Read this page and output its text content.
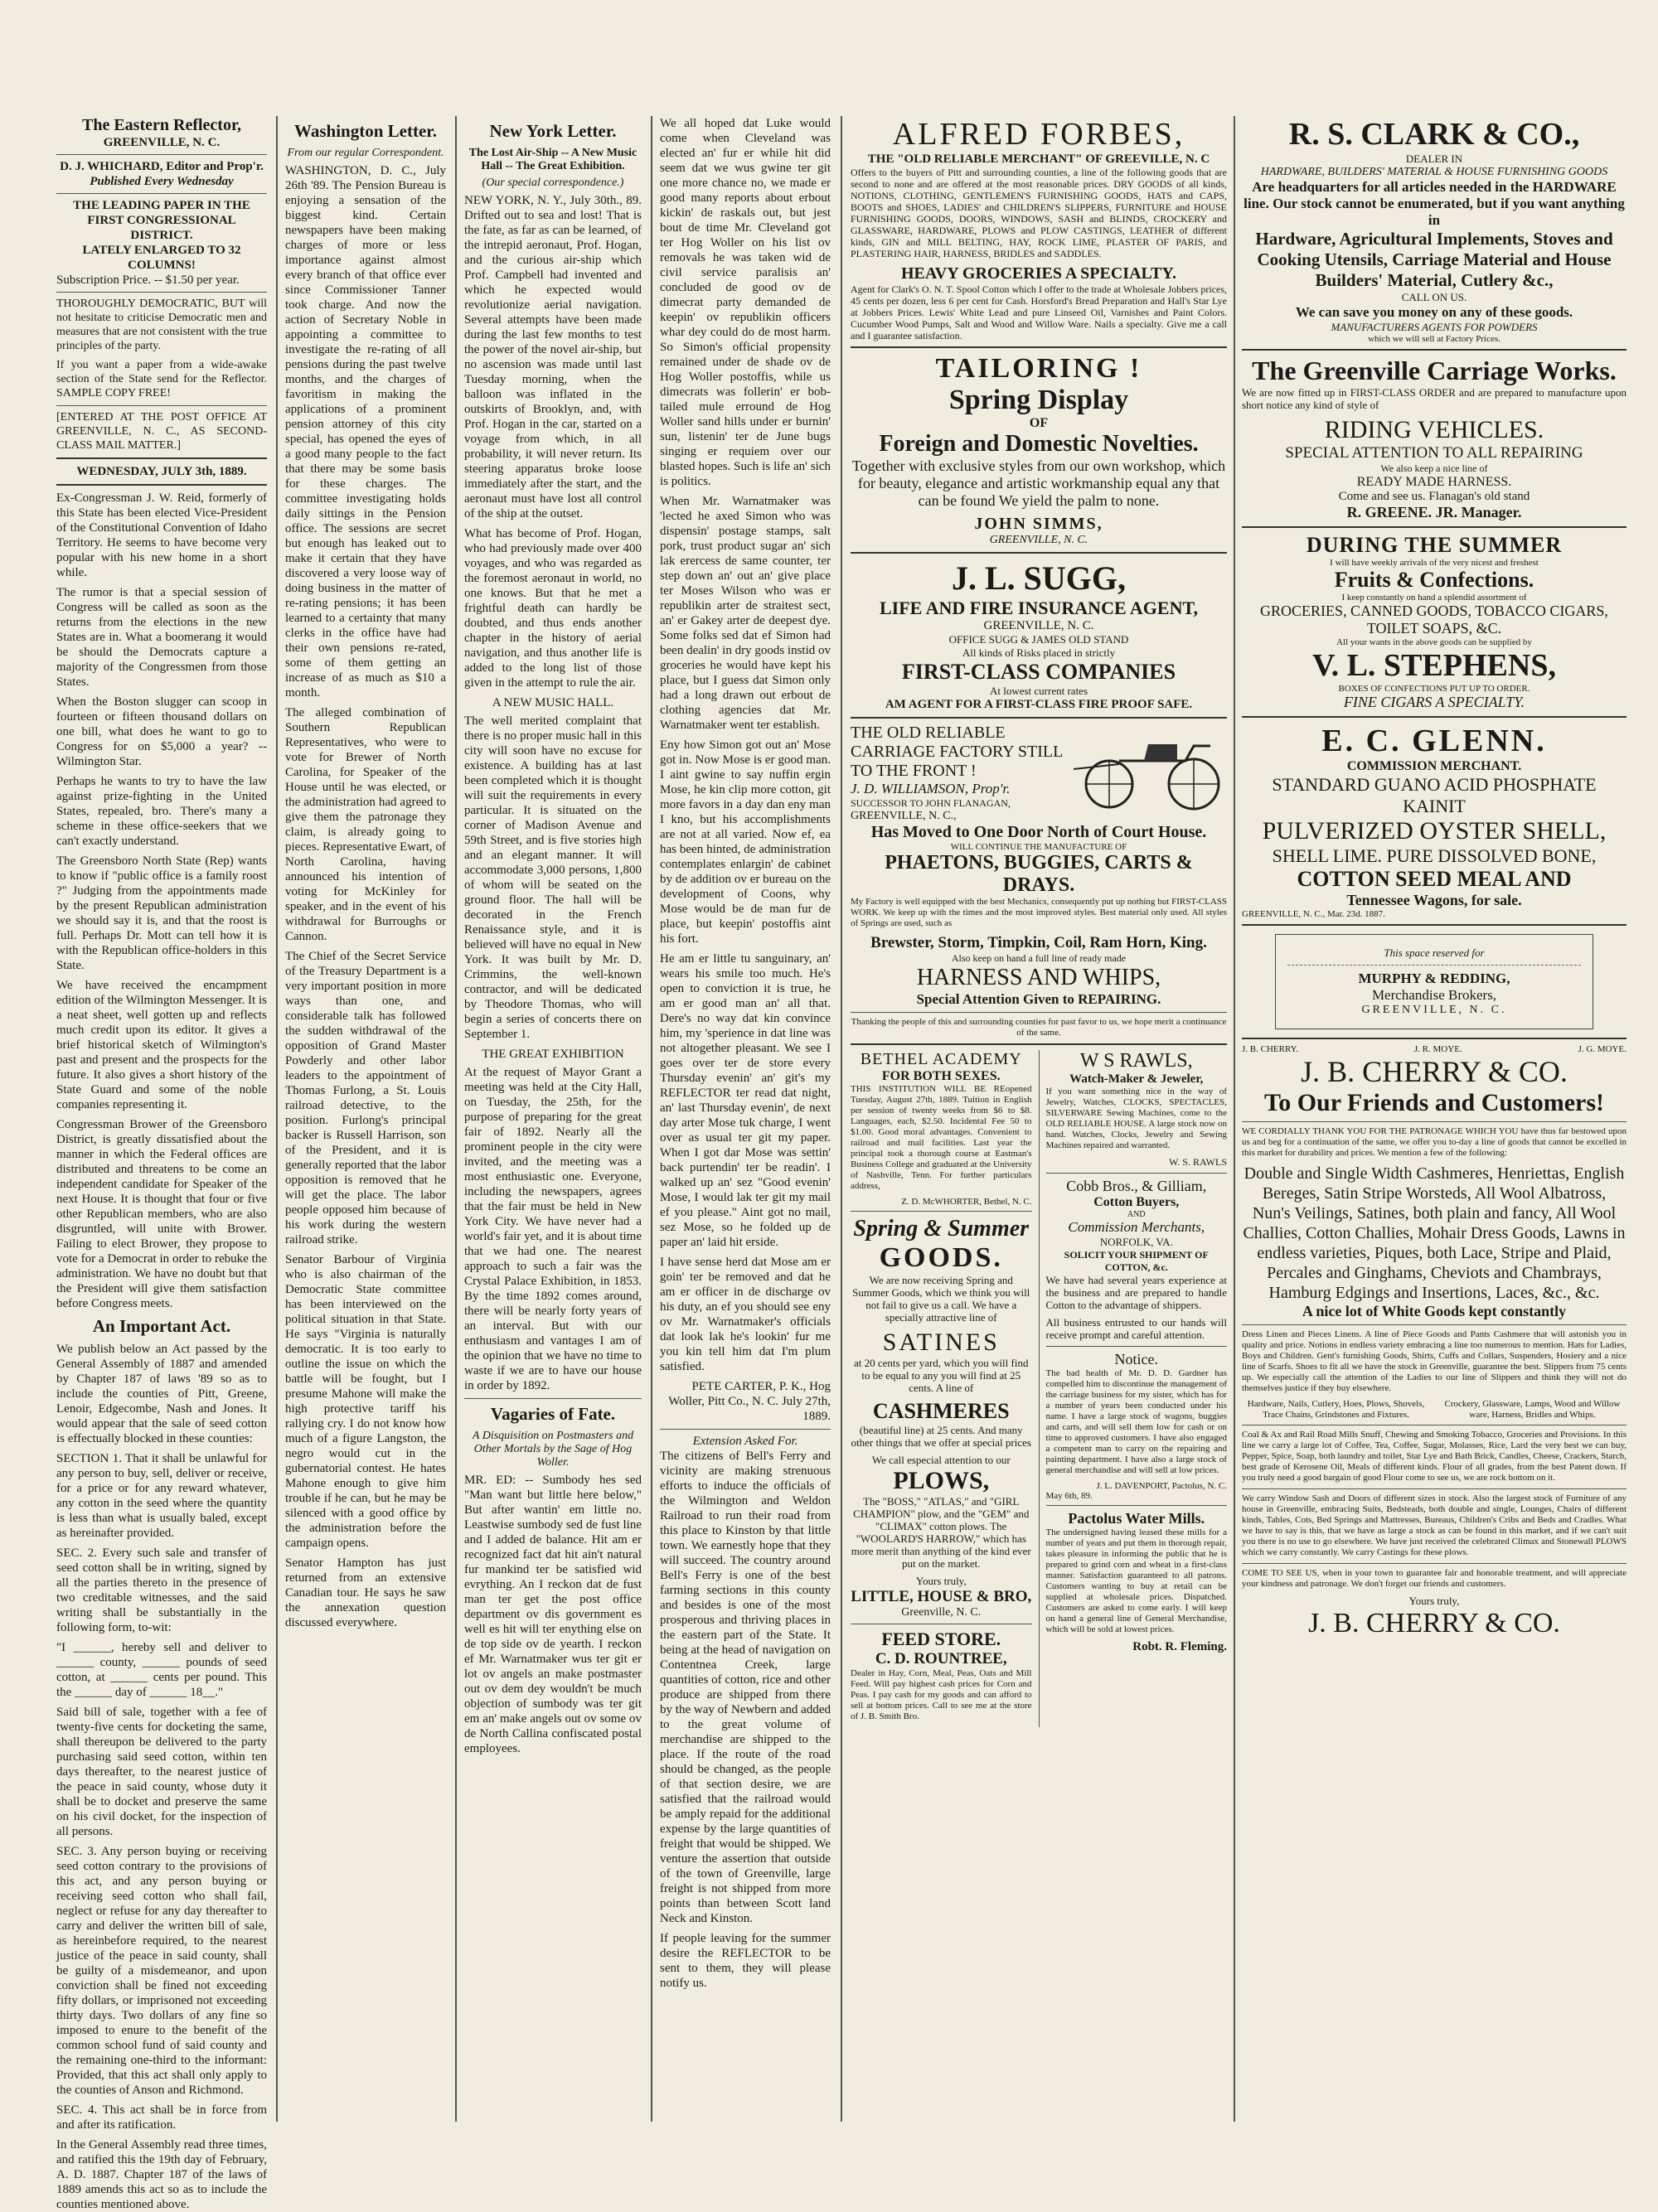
The Eastern Reflector,
GREENVILLE, N. C.
D. J. WHICHARD, Editor and Prop'r.
Published Every Wednesday
THE LEADING PAPER IN THE FIRST CONGRESSIONAL DISTRICT.
LATELY ENLARGED TO 32 COLUMNS!
Subscription Price. -- $1.50 per year.

THOROUGHLY DEMOCRATIC, BUT will not hesitate to criticise Democratic men and measures that are not consistent with the true principles of the party.

If you want a paper from a wide-awake section of the State send for the Reflector. SAMPLE COPY FREE!

[ENTERED AT THE POST OFFICE AT GREENVILLE, N. C., AS SECOND-CLASS MAIL MATTER.]

WEDNESDAY, JULY 3th, 1889.

Ex-Congressman J. W. Reid, formerly of this State has been elected Vice-President of the Constitutional Convention of Idaho Territory. He seems to have become very popular with his new home in a short while.

The rumor is that a special session of Congress will be called as soon as the returns from the elections in the new States are in. What a boomerang it would be should the Democrats capture a majority of the Congressmen from those States.

When the Boston slugger can scoop in fourteen or fifteen thousand dollars on one bill, what does he want to go to Congress for on $5,000 a year? -- Wilmington Star.

Perhaps he wants to try to have the law against prize-fighting in the United States, repealed, bro. There's many a scheme in these office-seekers that we can't exactly understand.

The Greensboro North State (Rep) wants to know if "public office is a family roost ?" Judging from the appointments made by the present Republican administration we should say it is, and that the roost is full. Perhaps Dr. Mott can tell how it is with the Republican office-holders in this State.

We have received the encampment edition of the Wilmington Messenger. It is a neat sheet, well gotten up and reflects much credit upon its editor. It gives a brief historical sketch of Wilmington's past and present and the prospects for the future. It also gives a short history of the State Guard and some of the noble companies representing it.

Congressman Brower of the Greensboro District, is greatly dissatisfied about the manner in which the Federal offices are distributed and threatens to be come an independent candidate for Speaker of the next House. It is thought that four or five other Republican members, who are also disgruntled, will unite with Brower. Failing to elect Brower, they propose to vote for a Democrat in order to rebuke the administration. We have no doubt but that the President will give them satisfaction before Congress meets.

An Important Act.

We publish below an Act passed by the General Assembly of 1887 and amended by Chapter 187 of laws '89 so as to include the counties of Pitt, Greene, Lenoir, Edgecombe, Nash and Jones. It would appear that the sale of seed cotton is effectually blocked in these counties:

SECTION 1. That it shall be unlawful for any person to buy, sell, deliver or receive, for a price or for any reward whatever, any cotton in the seed where the quantity is less than what is usually baled, except as hereinafter provided.

SEC. 2. Every such sale and transfer of seed cotton shall be in writing, signed by all the parties thereto in the presence of two creditable witnesses, and the said writing shall be substantially in the following form, to-wit:

"I ______, hereby sell and deliver to ______ county, ______ pounds of seed cotton, at ______ cents per pound. This the ______ day of ______ 18__."

Said bill of sale, together with a fee of twenty-five cents for docketing the same, shall thereupon be delivered to the party purchasing said seed cotton, within ten days thereafter, to the nearest justice of the peace in said county, whose duty it shall be to docket and preserve the same on his civil docket, for the inspection of all persons.

SEC. 3. Any person buying or receiving seed cotton contrary to the provisions of this act, and any person buying or receiving seed cotton who shall fail, neglect or refuse for any day thereafter to carry and deliver the written bill of sale, as hereinbefore required, to the nearest justice of the peace in said county, shall be guilty of a misdemeanor, and upon conviction shall be fined not exceeding fifty dollars, or imprisoned not exceeding thirty days. Two dollars of any fine so imposed to enure to the benefit of the common school fund of said county and the remaining one-third to the informant: Provided, that this act shall only apply to the counties of Anson and Richmond.

SEC. 4. This act shall be in force from and after its ratification.

In the General Assembly read three times, and ratified this the 19th day of February, A. D. 1887. Chapter 187 of the laws of 1889 amends this act so as to include the counties mentioned above.

Washington Letter.
From our regular Correspondent.

WASHINGTON, D. C., July 26th '89. The Pension Bureau is enjoying a sensation of the biggest kind. Certain newspapers have been making charges of more or less importance against almost every branch of that office ever since Commissioner Tanner took charge. And now the action of Secretary Noble in appointing a committee to investigate the re-rating of all pensions during the past twelve months, and the charges of favoritism in making the applications of a prominent pension attorney of this city special, has opened the eyes of a good many people to the fact that there may be some basis for these charges. The committee investigating holds daily sittings in the Pension office. The sessions are secret but enough has leaked out to make it certain that they have discovered a very loose way of doing business in the matter of re-rating pensions; it has been learned to a certainty that many clerks in the office have had their own pensions re-rated, some of them getting an increase of as much as $10 a month.

The alleged combination of Southern Republican Representatives, who were to vote for Brewer of North Carolina, for Speaker of the House until he was elected, or the administration had agreed to give them the patronage they claim, is already going to pieces. Representative Ewart, of North Carolina, having announced his intention of voting for McKinley for speaker, and in the event of his withdrawal for Burroughs or Cannon.

The Chief of the Secret Service of the Treasury Department is a very important position in more ways than one, and considerable talk has followed the sudden withdrawal of the opposition of Grand Master Powderly and other labor leaders to the appointment of Thomas Furlong, a St. Louis railroad detective, to the position. Furlong's principal backer is Russell Harrison, son of the President, and it is generally reported that the labor opposition is removed that he will get the place. The labor people opposed him because of his work during the western railroad strike.

Senator Barbour of Virginia who is also chairman of the Democratic State committee has been interviewed on the political situation in that State. He says "Virginia is naturally democratic. It is too early to outline the issue on which the battle will be fought, but I presume Mahone will make the high protective tariff his rallying cry. I do not know how much of a figure Langston, the negro would cut in the gubernatorial contest. He hates Mahone enough to give him trouble if he can, but he may be silenced with a good office by the administration before the campaign opens.

Senator Hampton has just returned from an extensive Canadian tour. He says he saw the annexation question discussed everywhere.

New York Letter.
The Lost Air-Ship -- A New Music Hall -- The Great Exhibition.
(Our special correspondence.)

NEW YORK, N. Y., July 30th., 89. Drifted out to sea and lost! That is the fate, as far as can be learned, of the intrepid aeronaut, Prof. Hogan, and the curious air-ship which Prof. Campbell had invented and which he expected would revolutionize aerial navigation. Several attempts have been made during the last few months to test the power of the novel air-ship, but no ascension was made until last Tuesday morning, when the balloon was inflated in the outskirts of Brooklyn, and, with Prof. Hogan in the car, started on a voyage from which, in all probability, it will never return. Its steering apparatus broke loose immediately after the start, and the aeronaut must have lost all control of the ship at the outset.

What has become of Prof. Hogan, who had previously made over 400 voyages, and who was regarded as the foremost aeronaut in world, no one knows. But that he met a frightful death can hardly be doubted, and thus ends another chapter in the history of aerial navigation, and thus another life is added to the long list of those given in the attempt to rule the air.

A NEW MUSIC HALL.

The well merited complaint that there is no proper music hall in this city will soon have no excuse for existence. A building has at last been completed which it is thought will suit the requirements in every particular. It is situated on the corner of Madison Avenue and 59th Street, and is five stories high and an elegant manner. It will accommodate 3,000 persons, 1,800 of whom will be seated on the ground floor. The hall will be decorated in the French Renaissance style, and it is believed will have no equal in New York. It was built by Mr. D. Crimmins, the well-known contractor, and will be dedicated by Theodore Thomas, who will begin a series of concerts there on September 1.

THE GREAT EXHIBITION

At the request of Mayor Grant a meeting was held at the City Hall, on Tuesday, the 25th, for the purpose of preparing for the great fair of 1892. Nearly all the prominent people in the city were invited, and the meeting was a most enthusiastic one. Everyone, including the newspapers, agrees that the fair must be held in New York City. We have never had a world's fair yet, and it is about time that we had one. The nearest approach to such a fair was the Crystal Palace Exhibition, in 1853. By the time 1892 comes around, there will be nearly forty years of an interval. But with our enthusiasm and vantages I am of the opinion that we have no time to waste if we are to have our house in order by 1892.

Vagaries of Fate.
A Disquisition on Postmasters and Other Mortals by the Sage of Hog Woller.

MR. ED: -- Sumbody hes sed "Man want but little here below," But after wantin' em little no. Leastwise sumbody sed de fust line and I added de balance. Hit am er recognized fact dat hit ain't natural fur mankind ter be satisfied wid evrything. An I reckon dat de fust man ter get the post office department ov dis government es well es hit will ter enything else on de top side ov de yearth. I reckon ef Mr. Warnatmaker wus ter git er lot ov angels an make postmaster out ov dem dey wouldn't be much objection of sumbody was ter git em an' make angels out ov some ov de North Callina confiscated postal employees.

We all hoped dat Luke would come when Cleveland was elected an' fur er while hit did seem dat we wus gwine ter git one more chance no, we made er good many reports about erbout kickin' de raskals out, but jest bout de time Mr. Cleveland got ter Hog Woller on his list ov removals he was taken wid de civil service paralisis an' concluded de good ov de dimecrat party demanded de keepin' ov republikin officers whar dey could do de most harm. So Simon's official propensity remained under de shade ov de Hog Woller postoffis, while us dimecrats was follerin' er bob-tailed mule erround de Hog Woller sand hills under er burnin' sun, listenin' ter de June bugs singing er requiem over our blasted hopes. Such is life an' sich is politics.

When Mr. Warnatmaker was 'lected he axed Simon who was dispensin' postage stamps, salt pork, trust product sugar an' sich lak erercess de same counter, ter step down an' out an' give place ter Moses Wilson who was er republikin arter de straitest sect, an' er Gakey arter de deepest dye. Some folks sed dat ef Simon had been dealin' in dry goods instid ov groceries he would have kept his place, but I guess dat Simon only had a long drawn out erbout de clothing agencies dat Mr. Warnatmaker went ter establish.

Eny how Simon got out an' Mose got in. Now Mose is er good man. I aint gwine to say nuffin ergin Mose, he kin clip more cotton, git more favors in a day dan eny man I kno, but his accomplishments are not at all varied. Now ef, ea has been hinted, de administration contemplates enlargin' de cabinet by de addition ov er bureau on the development of Coons, why Mose would be de man fur de place, but keepin' postoffis aint his fort.

He am er little tu sanguinary, an' wears his smile too much. He's open to conviction it is true, he am er good man an' all that. Dere's no way dat kin convince him, my 'sperience in dat line was not altogether pleasant. We see I goes over ter de store every Thursday evenin' an' git's my REFLECTOR ter read dat night, an' last Thursday evenin', de next day arter Mose tuk charge, I went over as usual ter git my paper. When I got dar Mose was settin' back purtendin' ter be readin'. I walked up an' sez "Good evenin' Mose, I would lak ter git my mail ef you please." Aint got no mail, sez Mose, so he folded up de paper an' laid hit erside.

I have sense herd dat Mose am er goin' ter be removed and dat he am er officer in de discharge ov his duty, an ef you should see eny ov Mr. Warnatmaker's officials dat look lak he's lookin' fur me you kin tell him dat I'm plum satisfied.

PETE CARTER, P. K., Hog Woller, Pitt Co., N. C. July 27th, 1889.

Extension Asked For.

The citizens of Bell's Ferry and vicinity are making strenuous efforts to induce the officials of the Wilmington and Weldon Railroad to run their road from this place to Kinston by that little town. We earnestly hope that they will succeed. The country around Bell's Ferry is one of the best farming sections in this county and besides is one of the most prosperous and thriving places in the eastern part of the State. It being at the head of navigation on Contentnea Creek, large quantities of cotton, rice and other produce are shipped from there by the way of Newbern and added to the great volume of merchandise are shipped to the place. If the route of the road should be changed, as the people of that section desire, we are satisfied that the railroad would be amply repaid for the additional expense by the large quantities of freight that would be shipped. We venture the assertion that outside of the town of Greenville, large freight is not shipped from more points than between Scott land Neck and Kinston.

If people leaving for the summer desire the REFLECTOR to be sent to them, they will please notify us.

ALFRED FORBES,
THE "OLD RELIABLE MERCHANT" OF GREEVILLE, N. C

Offers to the buyers of Pitt and surrounding counties, a line of the following goods that are second to none and are offered at the most reasonable prices. DRY GOODS of all kinds, NOTIONS, CLOTHING, GENTLEMEN'S FURNISHING GOODS, HATS and CAPS, BOOTS and SHOES, LADIES' and CHILDREN'S SLIPPERS, FURNITURE and HOUSE FURNISHING GOODS, DOORS, WINDOWS, SASH and BLINDS, CROCKERY and GLASSWARE, HARDWARE, PLOWS and PLOW CASTINGS, LEATHER of different kinds, GIN and MILL BELTING, HAY, ROCK LIME, PLASTER OF PARIS, and PLASTERING HAIR, HARNESS, BRIDLES and SADDLES.

HEAVY GROCERIES A SPECIALTY.

Agent for Clark's O. N. T. Spool Cotton which I offer to the trade at Wholesale Jobbers prices, 45 cents per dozen, less 6 per cent for Cash. Horsford's Bread Preparation and Hall's Star Lye at Jobbers Prices. Lewis' White Lead and pure Linseed Oil, Varnishes and Paint Colors. Cucumber Wood Pumps, Salt and Wood and Willow Ware. Nails a specialty. Give me a call and I guarantee satisfaction.

TAILORING !
Spring Display
OF
Foreign and Domestic Novelties.

Together with exclusive styles from our own workshop, which for beauty, elegance and artistic workmanship equal any that can be found We yield the palm to none.

JOHN SIMMS,
GREENVILLE, N. C.
J. L. SUGG,
LIFE AND FIRE INSURANCE AGENT,
GREENVILLE, N. C.
OFFICE SUGG & JAMES OLD STAND
All kinds of Risks placed in strictly
FIRST-CLASS COMPANIES
At lowest current rates
AM AGENT FOR A FIRST-CLASS FIRE PROOF SAFE.
THE OLD RELIABLE CARRIAGE FACTORY STILL TO THE FRONT !
J. D. WILLIAMSON, Prop'r.
SUCCESSOR TO JOHN FLANAGAN,
GREENVILLE, N. C.,
Has Moved to One Door North of Court House.
WILL CONTINUE THE MANUFACTURE OF
PHAETONS, BUGGIES, CARTS & DRAYS.

My Factory is well equipped with the best Mechanics, consequently put up nothing but FIRST-CLASS WORK. We keep up with the times and the most improved styles. Best material only used. All styles of Springs are used, such as

Brewster, Storm, Timpkin, Coil, Ram Horn, King.
Also keep on hand a full line of ready made
HARNESS AND WHIPS,
Special Attention Given to REPAIRING.

Thanking the people of this and surrounding counties for past favor to us, we hope merit a continuance of the same.

BETHEL ACADEMY
FOR BOTH SEXES.

THIS INSTITUTION WILL BE REopened Tuesday, August 27th, 1889. Tuition in English per session of twenty weeks from $6 to $8. Languages, each, $2.50. Incidental Fee 50 to $1.00. Good moral advantages. Convenient to railroad and mail facilities. Last year the principal took a thorough course at Eastman's Business College and graduated at the University of Nashville, Tenn. For further particulars address,

Z. D. McWHORTER, Bethel, N. C.
Spring & Summer
GOODS.

We are now receiving Spring and Summer Goods, which we think you will not fail to give us a call. We have a specially attractive line of

SATINES

at 20 cents per yard, which you will find to be equal to any you will find at 25 cents. A line of

CASHMERES

(beautiful line) at 25 cents. And many other things that we offer at special prices

We call especial attention to our
PLOWS,

The "BOSS," "ATLAS," and "GIRL CHAMPION" plow, and the "GEM" and "CLIMAX" cotton plows. The "WOOLARD'S HARROW," which has more merit than anything of the kind ever put on the market.

Yours truly,
LITTLE, HOUSE & BRO,
Greenville, N. C.
FEED STORE.
C. D. ROUNTREE,

Dealer in Hay, Corn, Meal, Peas, Oats and Mill Feed. Will pay highest cash prices for Corn and Peas. I pay cash for my goods and can afford to sell at bottom prices. Call to see me at the store of J. B. Smith Bro.

W S RAWLS,
Watch-Maker & Jeweler,

If you want something nice in the way of Jewelry, Watches, CLOCKS, SPECTACLES, SILVERWARE Sewing Machines, come to the OLD RELIABLE HOUSE. A large stock now on hand. Watches, Clocks, Jewelry and Sewing Machines repaired and warranted.

W. S. RAWLS
Cobb Bros., & Gilliam,
Cotton Buyers,
AND
Commission Merchants,
NORFOLK, VA.
SOLICIT YOUR SHIPMENT OF COTTON, &c.

We have had several years experience at the business and are prepared to handle Cotton to the advantage of shippers.

All business entrusted to our hands will receive prompt and careful attention.

Notice.

The bad health of Mr. D. D. Gardner has compelled him to discontinue the management of the carriage business for my sister, which has for a number of years been conducted under his name. I have a large stock of wagons, buggies and carts, and will sell them low for cash or on time to approved customers. I have also engaged a competent man to carry on the repairing and painting department. I have also a large stock of general merchandise and will sell at low prices.

J. L. DAVENPORT, Pactolus, N. C.
May 6th, 89.
Pactolus Water Mills.

The undersigned having leased these mills for a number of years and put them in thorough repair, takes pleasure in informing the public that he is prepared to grind corn and wheat in a first-class manner. Satisfaction guaranteed to all patrons. Customers wanting to buy at retail can be supplied at wholesale prices. Dispatched. Customers are asked to come early. I will keep on hand a general line of General Merchandise, which will be sold at lowest prices.

Robt. R. Fleming.
R. S. CLARK & CO.,
DEALER IN
HARDWARE, BUILDERS' MATERIAL & HOUSE FURNISHING GOODS
Are headquarters for all articles needed in the HARDWARE line. Our stock cannot be enumerated, but if you want anything in
Hardware, Agricultural Implements, Stoves and Cooking Utensils, Carriage Material and House Builders' Material, Cutlery &c.,
CALL ON US.
We can save you money on any of these goods.
MANUFACTURERS AGENTS FOR POWDERS
which we will sell at Factory Prices.
The Greenville Carriage Works.

We are now fitted up in FIRST-CLASS ORDER and are prepared to manufacture upon short notice any kind of style of

RIDING VEHICLES.
SPECIAL ATTENTION TO ALL REPAIRING
We also keep a nice line of
READY MADE HARNESS.
Come and see us. Flanagan's old stand
R. GREENE. JR. Manager.
DURING THE SUMMER
I will have weekly arrivals of the very nicest and freshest
Fruits & Confections.
I keep constantly on hand a splendid assortment of
GROCERIES, CANNED GOODS, TOBACCO CIGARS, TOILET SOAPS, &C.
All your wants in the above goods can be supplied by
V. L. STEPHENS,
BOXES OF CONFECTIONS PUT UP TO ORDER.
FINE CIGARS A SPECIALTY.
E. C. GLENN.
COMMISSION MERCHANT.
STANDARD GUANO ACID PHOSPHATE KAINIT
PULVERIZED OYSTER SHELL,
SHELL LIME. PURE DISSOLVED BONE,
COTTON SEED MEAL AND
Tennessee Wagons, for sale.
GREENVILLE, N. C., Mar. 23d. 1887.
This space reserved for
MURPHY & REDDING,
Merchandise Brokers,
GREENVILLE, N. C.
J. B. CHERRY.	J. R. MOYE.	J. G. MOYE.
J. B. CHERRY & CO.
To Our Friends and Customers!

WE CORDIALLY THANK YOU FOR THE PATRONAGE WHICH YOU have thus far bestowed upon us and beg for a continuation of the same, we offer you to-day a line of goods that cannot be excelled in this market for durability and prices. We mention a few of the following:

Double and Single Width Cashmeres, Henriettas, English Bereges, Satin Stripe Worsteds, All Wool Albatross, Nun's Veilings, Satines, both plain and fancy, All Wool Challies, Cotton Challies, Mohair Dress Goods, Lawns in endless varieties, Piques, both Lace, Stripe and Plaid, Percales and Ginghams, Cheviots and Chambrays, Hamburg Edgings and Insertions, Laces, &c., &c.
A nice lot of White Goods kept constantly

Dress Linen and Pieces Linens. A line of Piece Goods and Pants Cashmere that will astonish you in quality and price. Notions in endless variety embracing a line too numerous to mention. Hats for Ladies, Boys and Children. Gent's furnishing Goods, Shirts, Cuffs and Collars, Suspenders, Hosiery and a nice line of Scarfs. Shoes to fit all we have the stock in Greenville, guarantee the best. Slippers from 75 cents up. We especially call the attention of the Ladies to our line of Slippers and think they will not do themselves justice if they buy elsewhere.

Hardware, Nails, Cutlery, Hoes, Plows, Shovels, Trace Chains, Grindstones and Fixtures.
Crockery, Glassware, Lamps, Wood and Willow ware, Harness, Bridles and Whips.

Coal & Ax and Rail Road Mills Snuff, Chewing and Smoking Tobacco, Groceries and Provisions. In this line we carry a large lot of Coffee, Tea, Coffee, Sugar, Molasses, Rice, Lard the very best we can buy, Pepper, Spice, Soap, both laundry and toilet, Star Lye and Bath Brick, Candles, Cheese, Crackers, Starch, best grade of Kerosene Oil, Meals of different kinds. Flour of all grades, from the best Patent down. If you truly need a good bargain of good Flour come to see us, we are rock bottom on it.

We carry Window Sash and Doors of different sizes in stock. Also the largest stock of Furniture of any house in Greenville, embracing Suits, Bedsteads, both double and single, Lounges, Chairs of different kinds, Tables, Cots, Bed Springs and Mattresses, Bureaus, Children's Cribs and Beds and Cradles. What we have to say is this, that we have as large a stock as can be found in this market, and if we can't suit you there is no use to go elsewhere. We have just received the celebrated Climax and Stonewall PLOWS which we carry constantly. We carry Castings for these plows.

COME TO SEE US, when in your town to guarantee fair and honorable treatment, and will appreciate your kindness and patronage. We don't forget our friends and customers.

Yours truly,
J. B. CHERRY & CO.
